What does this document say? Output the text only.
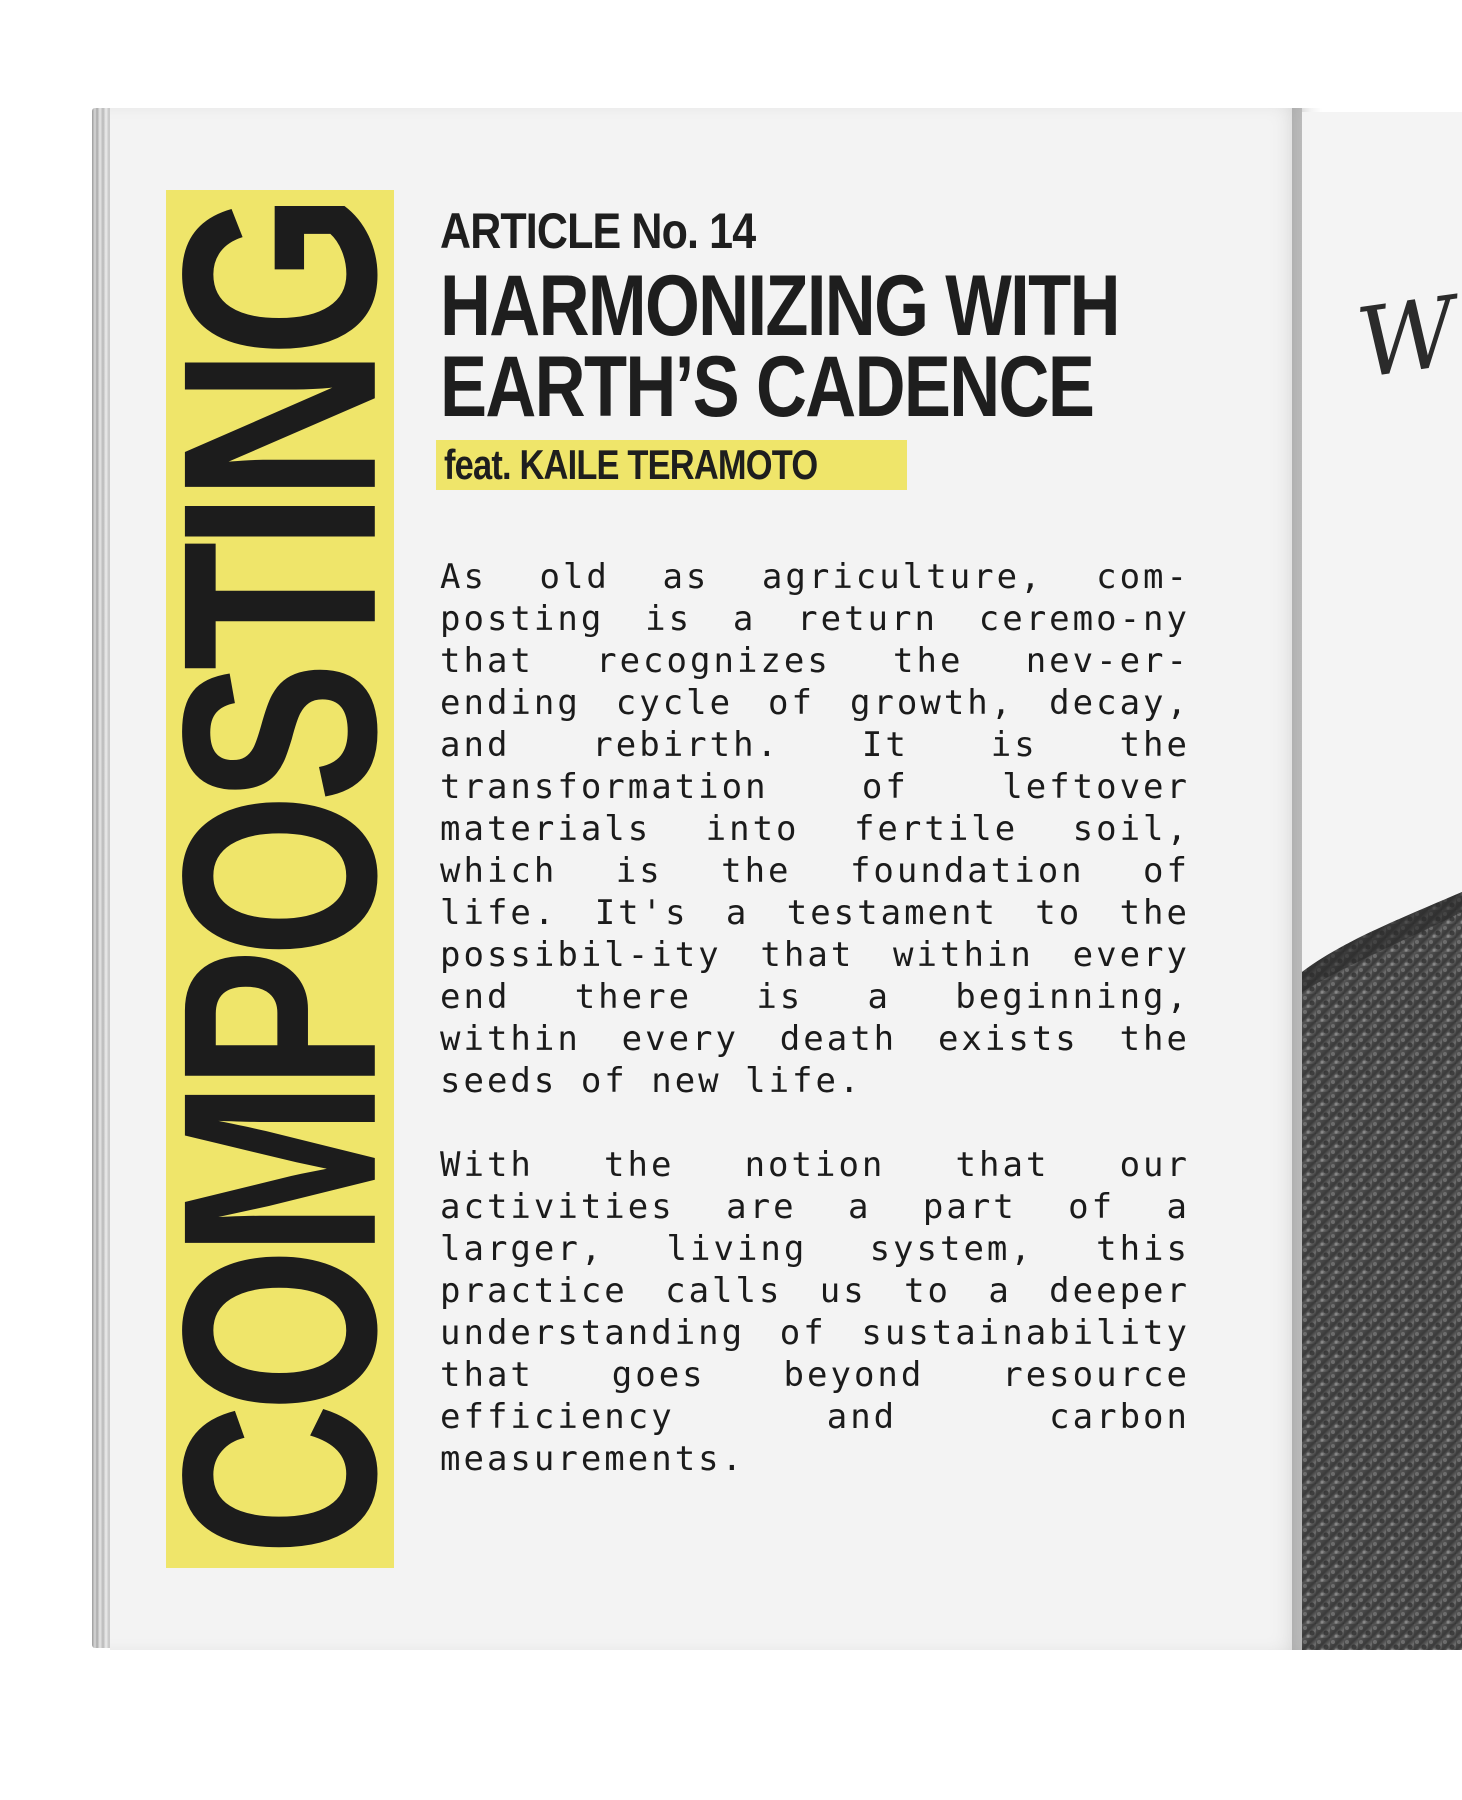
COMPOSTING ARTICLE No. 14
HARMONIZING WITH
EARTH’S CADENCE
feat. KAILE TERAMOTO

As old as agriculture, com-posting is a return ceremo-ny that recognizes the nev-er-ending cycle of growth, decay, and rebirth. It is the transformation of leftover materials into fertile soil, which is the foundation of life. It's a testament to the possibil-ity that within every end there is a beginning, within every death exists the seeds of new life.

With the notion that our activities are a part of a larger, living system, this practice calls us to a deeper understanding of sustainability that goes beyond resource efficiency and carbon measurements.

W
